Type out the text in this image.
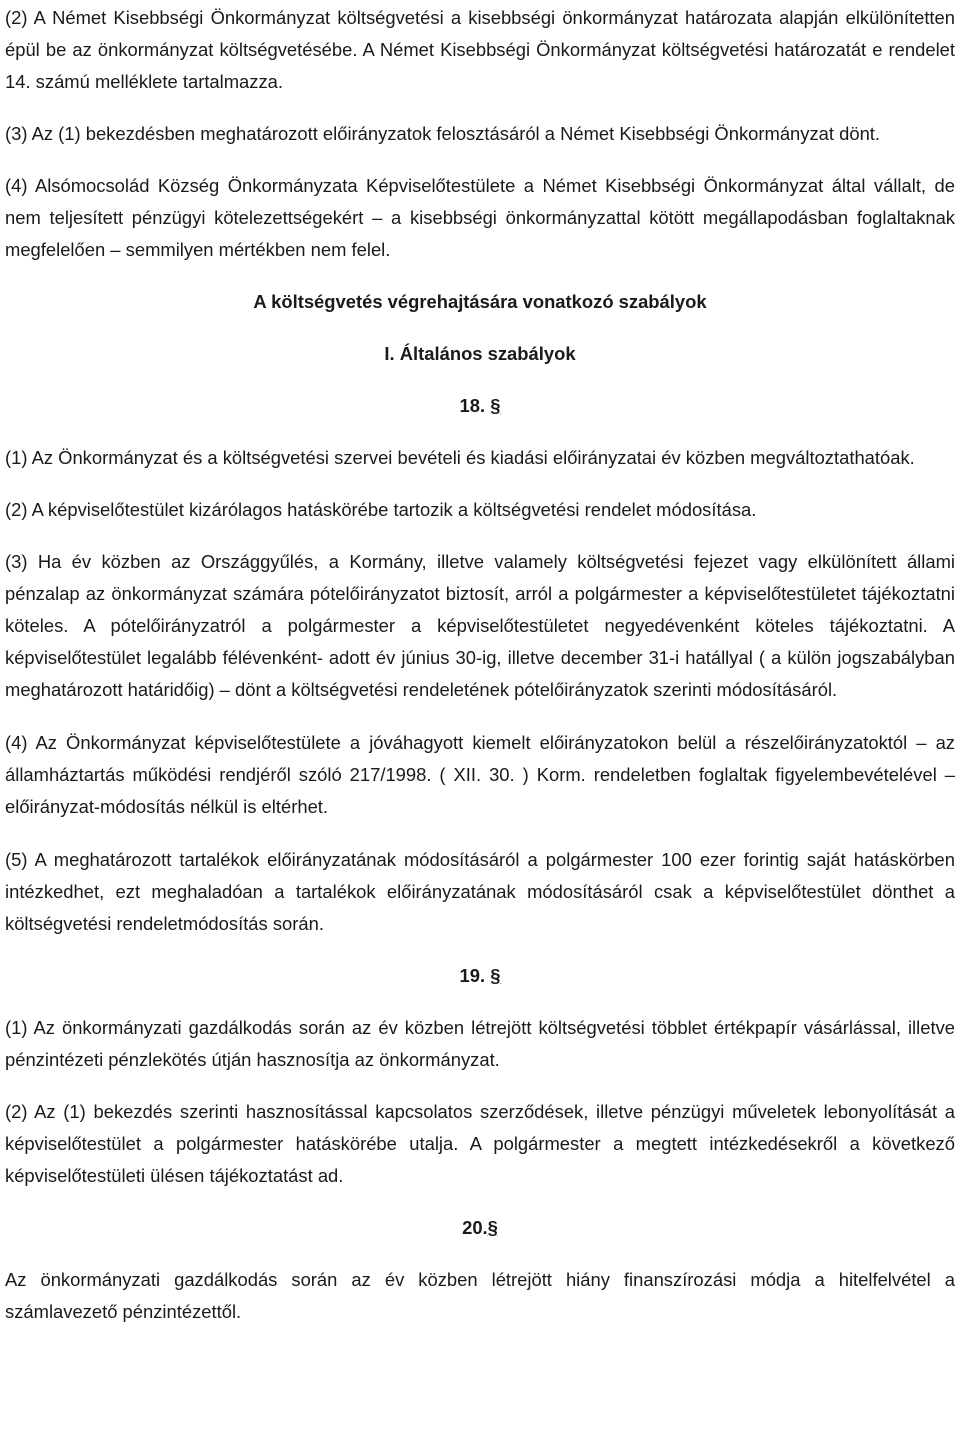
(2) A Német Kisebbségi Önkormányzat költségvetési a kisebbségi önkormányzat határozata alapján elkülönítetten épül be az önkormányzat költségvetésébe. A Német Kisebbségi Önkormányzat költségvetési határozatát e rendelet 14. számú melléklete tartalmazza.

(3) Az (1) bekezdésben meghatározott előirányzatok felosztásáról a Német Kisebbségi Önkormányzat dönt.

(4) Alsómocsolád Község Önkormányzata Képviselőtestülete a Német Kisebbségi Önkormányzat által vállalt, de nem teljesített pénzügyi kötelezettségekért – a kisebbségi önkormányzattal kötött megállapodásban foglaltaknak megfelelően – semmilyen mértékben nem felel.

A költségvetés végrehajtására vonatkozó szabályok
I. Általános szabályok
18. §

(1) Az Önkormányzat és a költségvetési szervei bevételi és kiadási előirányzatai év közben megváltoztathatóak.

(2) A képviselőtestület kizárólagos hatáskörébe tartozik a költségvetési rendelet módosítása.

(3) Ha év közben az Országgyűlés, a Kormány, illetve valamely költségvetési fejezet vagy elkülönített állami pénzalap az önkormányzat számára pótelőirányzatot biztosít, arról a polgármester a képviselőtestületet tájékoztatni köteles. A pótelőirányzatról a polgármester a képviselőtestületet negyedévenként köteles tájékoztatni. A képviselőtestület legalább félévenként- adott év június 30-ig, illetve december 31-i hatállyal ( a külön jogszabályban meghatározott határidőig) – dönt a költségvetési rendeletének pótelőirányzatok szerinti módosításáról.

(4) Az Önkormányzat képviselőtestülete a jóváhagyott kiemelt előirányzatokon belül a részelőirányzatoktól – az államháztartás működési rendjéről szóló 217/1998. ( XII. 30. ) Korm. rendeletben foglaltak figyelembevételével – előirányzat-módosítás nélkül is eltérhet.

(5) A meghatározott tartalékok előirányzatának módosításáról a polgármester 100 ezer forintig saját hatáskörben intézkedhet, ezt meghaladóan a tartalékok előirányzatának módosításáról csak a képviselőtestület dönthet a költségvetési rendeletmódosítás során.

19. §

(1) Az önkormányzati gazdálkodás során az év közben létrejött költségvetési többlet értékpapír vásárlással, illetve pénzintézeti pénzlekötés útján hasznosítja az önkormányzat.

(2) Az (1) bekezdés szerinti hasznosítással kapcsolatos szerződések, illetve pénzügyi műveletek lebonyolítását a képviselőtestület a polgármester hatáskörébe utalja. A polgármester a megtett intézkedésekről a következő képviselőtestületi ülésen tájékoztatást ad.

20.§

Az önkormányzati gazdálkodás során az év közben létrejött hiány finanszírozási módja a hitelfelvétel a számlavezető pénzintézettől.
